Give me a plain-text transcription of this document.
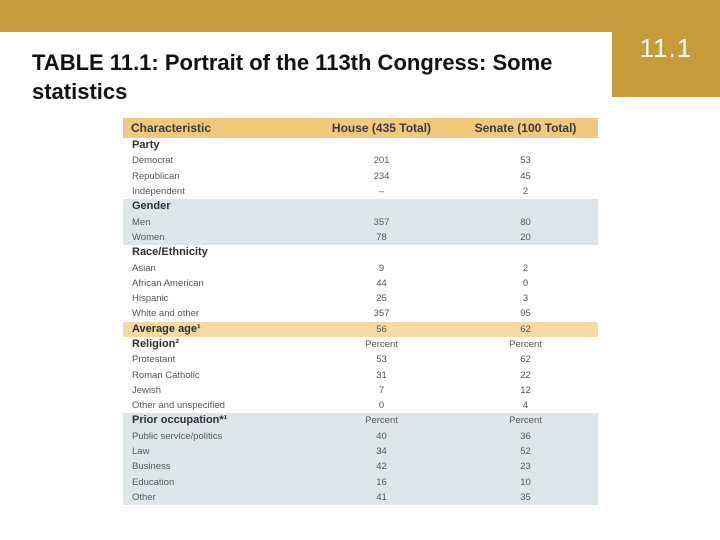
11.1
TABLE 11.1: Portrait of the 113th Congress: Some statistics
Characteristic	House (435 Total)	Senate (100 Total)
Party		
Democrat	201	53
Republican	234	45
Independent	–	2
Gender		
Men	357	80
Women	78	20
Race/Ethnicity		
Asian	9	2
African American	44	0
Hispanic	25	3
White and other	357	95
Average age¹	56	62
Religion²	Percent	Percent
Protestant	53	62
Roman Catholic	31	22
Jewish	7	12
Other and unspecified	0	4
Prior occupation*¹	Percent	Percent
Public service/politics	40	36
Law	34	52
Business	42	23
Education	16	10
Other	41	35
